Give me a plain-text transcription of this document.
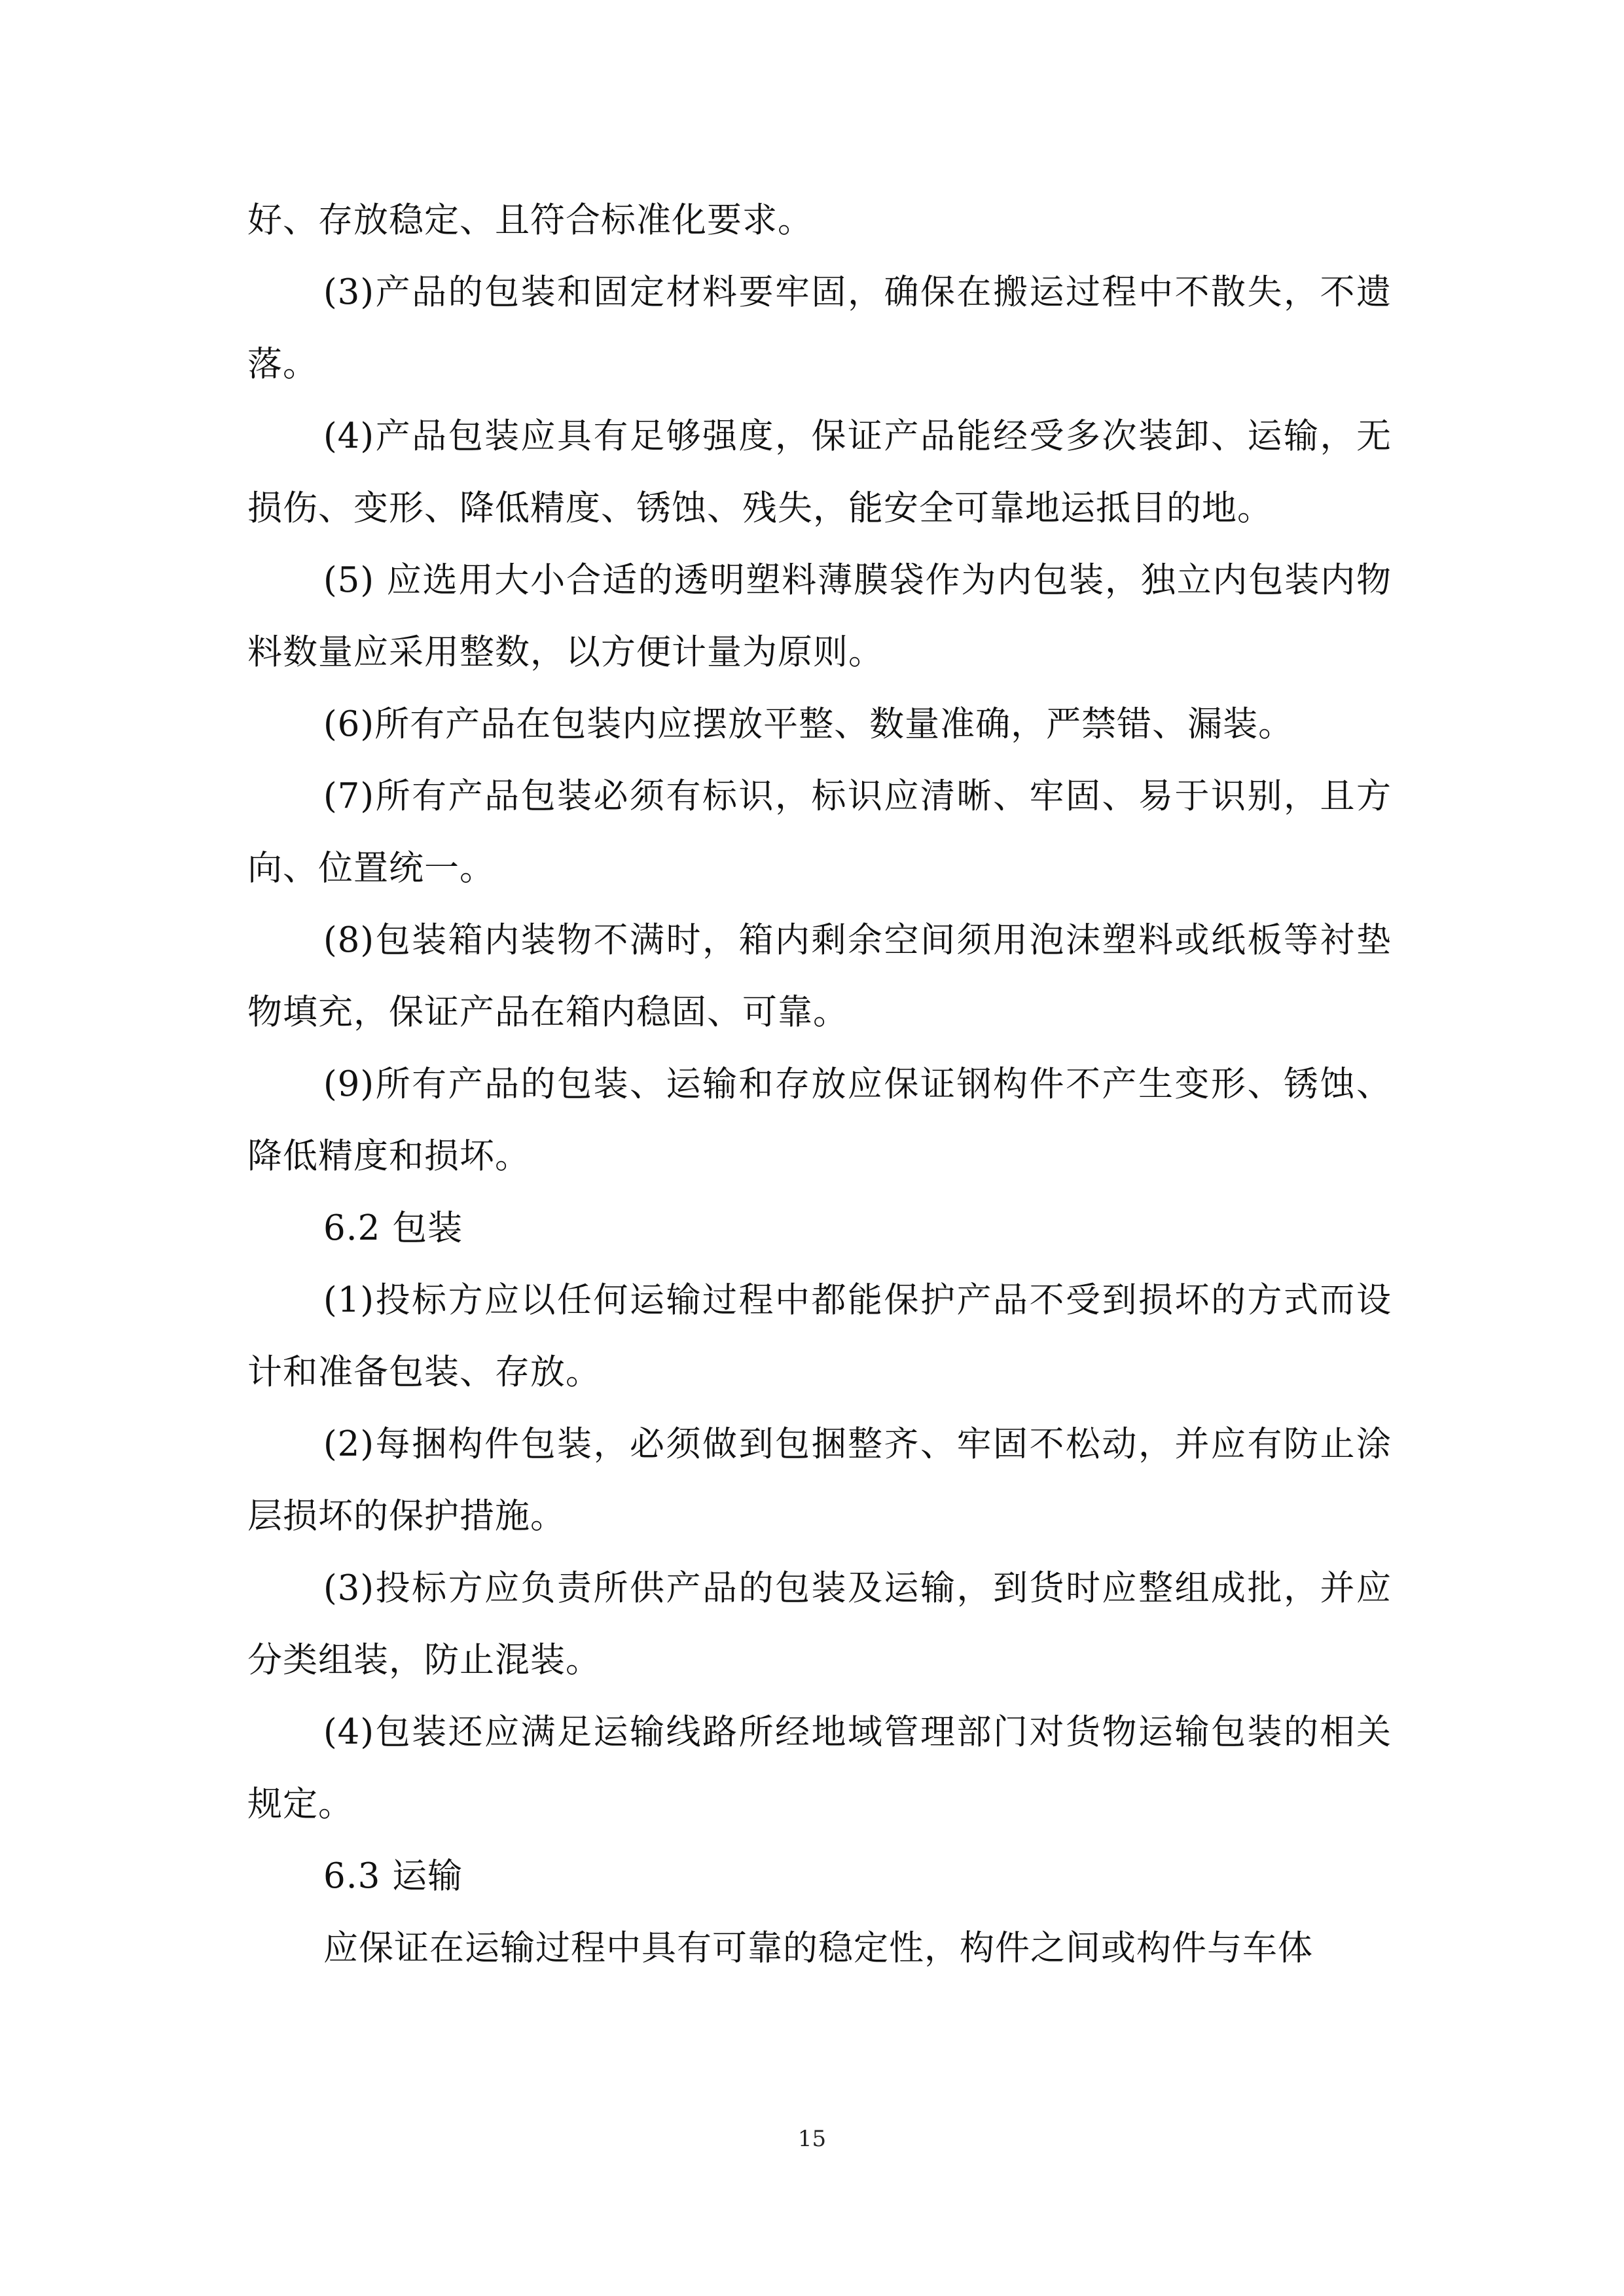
好、存放稳定、且符合标准化要求。

(3)产品的包装和固定材料要牢固，确保在搬运过程中不散失，不遗落。

(4)产品包装应具有足够强度，保证产品能经受多次装卸、运输，无损伤、变形、降低精度、锈蚀、残失，能安全可靠地运抵目的地。

(5) 应选用大小合适的透明塑料薄膜袋作为内包装，独立内包装内物料数量应采用整数，以方便计量为原则。

(6)所有产品在包装内应摆放平整、数量准确，严禁错、漏装。

(7)所有产品包装必须有标识，标识应清晰、牢固、易于识别，且方向、位置统一。

(8)包装箱内装物不满时，箱内剩余空间须用泡沫塑料或纸板等衬垫物填充，保证产品在箱内稳固、可靠。

(9)所有产品的包装、运输和存放应保证钢构件不产生变形、锈蚀、降低精度和损坏。

6.2 包装

(1)投标方应以任何运输过程中都能保护产品不受到损坏的方式而设计和准备包装、存放。

(2)每捆构件包装，必须做到包捆整齐、牢固不松动，并应有防止涂层损坏的保护措施。

(3)投标方应负责所供产品的包装及运输，到货时应整组成批，并应分类组装，防止混装。

(4)包装还应满足运输线路所经地域管理部门对货物运输包装的相关规定。

6.3 运输

应保证在运输过程中具有可靠的稳定性，构件之间或构件与车体

15
